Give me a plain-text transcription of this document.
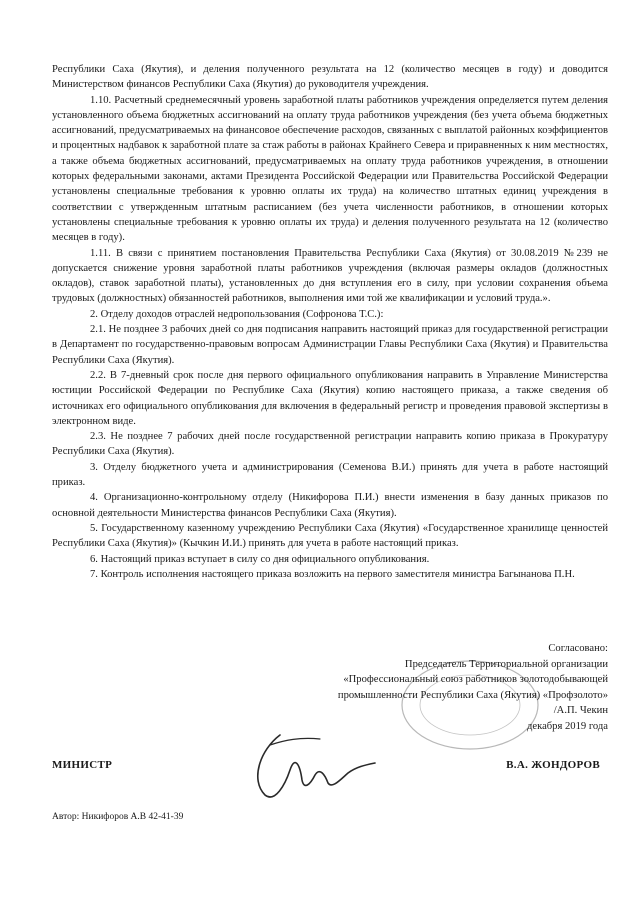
Республики Саха (Якутия), и деления полученного результата на 12 (количество месяцев в году) и доводится Министерством финансов Республики Саха (Якутия) до руководителя учреждения.

1.10. Расчетный среднемесячный уровень заработной платы работников учреждения определяется путем деления установленного объема бюджетных ассигнований на оплату труда работников учреждения (без учета объема бюджетных ассигнований, предусматриваемых на финансовое обеспечение расходов, связанных с выплатой районных коэффициентов и процентных надбавок к заработной плате за стаж работы в районах Крайнего Севера и приравненных к ним местностях, а также объема бюджетных ассигнований, предусматриваемых на оплату труда работников учреждения, в отношении которых федеральными законами, актами Президента Российской Федерации или Правительства Российской Федерации установлены специальные требования к уровню оплаты их труда) на количество штатных единиц учреждения в соответствии с утвержденным штатным расписанием (без учета численности работников, в отношении которых установлены специальные требования к уровню оплаты их труда) и деления полученного результата на 12 (количество месяцев в году).

1.11. В связи с принятием постановления Правительства Республики Саха (Якутия) от 30.08.2019 №239 не допускается снижение уровня заработной платы работников учреждения (включая размеры окладов (должностных окладов), ставок заработной платы), установленных до дня вступления его в силу, при условии сохранения объема трудовых (должностных) обязанностей работников, выполнения ими той же квалификации и условий труда.».

2. Отделу доходов отраслей недропользования (Софронова Т.С.):

2.1. Не позднее 3 рабочих дней со дня подписания направить настоящий приказ для государственной регистрации в Департамент по государственно-правовым вопросам Администрации Главы Республики Саха (Якутия) и Правительства Республики Саха (Якутия).

2.2. В 7-дневный срок после дня первого официального опубликования направить в Управление Министерства юстиции Российской Федерации по Республике Саха (Якутия) копию настоящего приказа, а также сведения об источниках его официального опубликования для включения в федеральный регистр и проведения правовой экспертизы в электронном виде.

2.3. Не позднее 7 рабочих дней после государственной регистрации направить копию приказа в Прокуратуру Республики Саха (Якутия).

3. Отделу бюджетного учета и администрирования (Семенова В.И.) принять для учета в работе настоящий приказ.

4. Организационно-контрольному отделу (Никифорова П.И.) внести изменения в базу данных приказов по основной деятельности Министерства финансов Республики Саха (Якутия).

5. Государственному казенному учреждению Республики Саха (Якутия) «Государственное хранилище ценностей Республики Саха (Якутия)» (Кычкин И.И.) принять для учета в работе настоящий приказ.

6. Настоящий приказ вступает в силу со дня официального опубликования.

7. Контроль исполнения настоящего приказа возложить на первого заместителя министра Багынанова П.Н.

Согласовано:
Председатель Территориальной организации
«Профессиональный союз работников золотодобывающей
промышленности Республики Саха (Якутия) «Профзолото»
/А.П. Чекин
декабря 2019 года
МИНИСТР	В.А. ЖОНДОРОВ
Автор: Никифоров А.В 42-41-39
